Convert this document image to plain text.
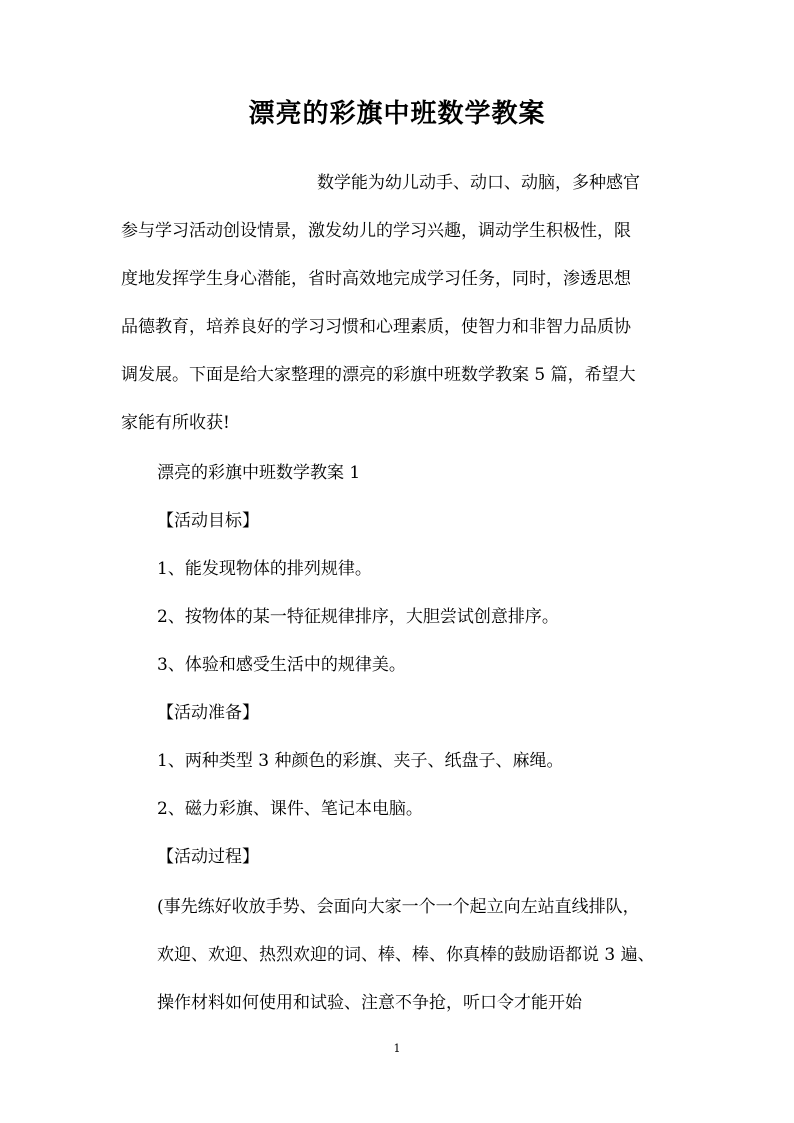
漂亮的彩旗中班数学教案
数学能为幼儿动手、动口、动脑，多种感官
参与学习活动创设情景，激发幼儿的学习兴趣，调动学生积极性，限
度地发挥学生身心潜能，省时高效地完成学习任务，同时，渗透思想
品德教育，培养良好的学习习惯和心理素质，使智力和非智力品质协
调发展。下面是给大家整理的漂亮的彩旗中班数学教案 5 篇，希望大
家能有所收获!
漂亮的彩旗中班数学教案 1
【活动目标】
1、能发现物体的排列规律。
2、按物体的某一特征规律排序，大胆尝试创意排序。
3、体验和感受生活中的规律美。
【活动准备】
1、两种类型 3 种颜色的彩旗、夹子、纸盘子、麻绳。
2、磁力彩旗、课件、笔记本电脑。
【活动过程】
(事先练好收放手势、会面向大家一个一个起立向左站直线排队，
欢迎、欢迎、热烈欢迎的词、棒、棒、你真棒的鼓励语都说 3 遍、
操作材料如何使用和试验、注意不争抢，听口令才能开始
1
